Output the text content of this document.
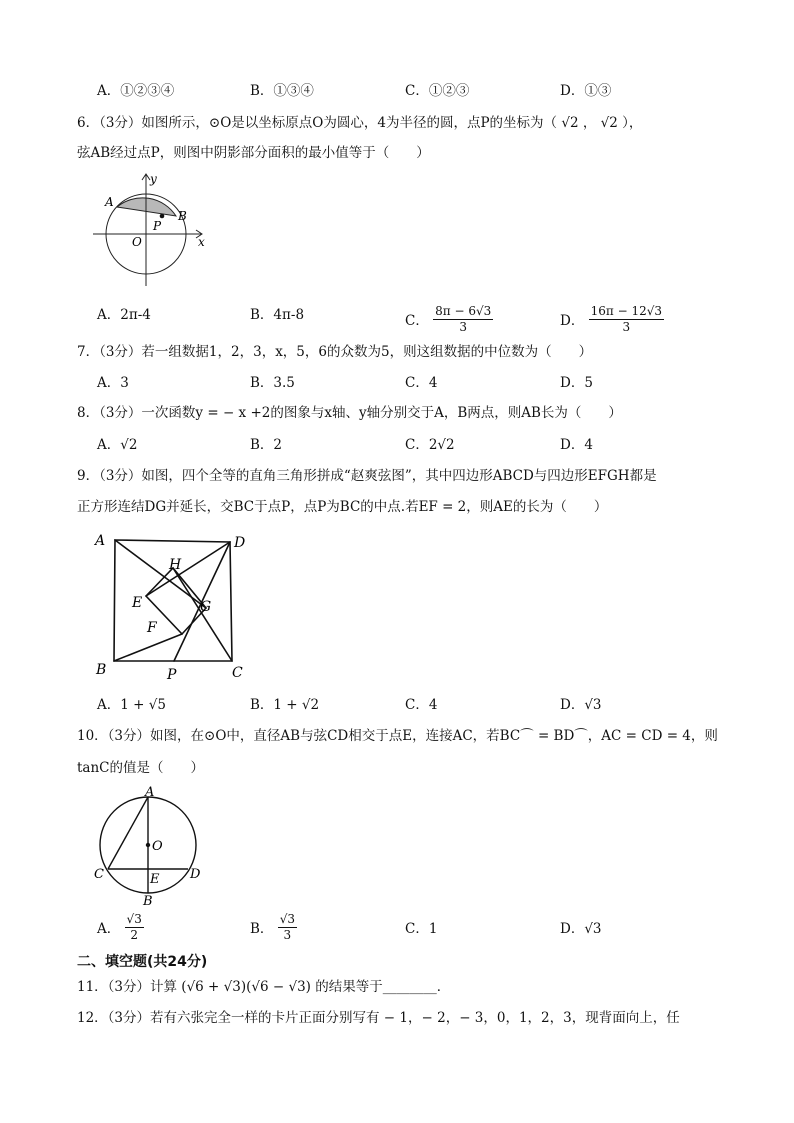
A．①②③④	B．①③④	C．①②③	D．①③
6．（3分）如图所示，⊙O是以坐标原点O为圆心，4为半径的圆，点P的坐标为（ √2 ， √2 ），
弦AB经过点P，则图中阴影部分面积的最小值等于（　　）
y
x
A
B
O
P
A．2π-4	B．4π-8	C． $\frac{8\pi - 6√3}{3}$	D． $\frac{16\pi - 12√3}{3}$
7．（3分）若一组数据1，2，3，x，5，6的众数为5，则这组数据的中位数为（　　）
A．3	B．3.5	C．4	D．5
8．（3分）一次函数y = − x +2的图象与x轴、y轴分别交于A，B两点，则AB长为（　　）
A．√2	B．2	C．2√2	D．4
9．（3分）如图，四个全等的直角三角形拼成“赵爽弦图”，其中四边形ABCD与四边形EFGH都是
正方形连结DG并延长，交BC于点P，点P为BC的中点.若EF = 2，则AE的长为（　　）
A	D
H
E	G
F
B	P	C
A．1 + √5	B．1 + √2	C．4	D．√3
10．（3分）如图，在⊙O中，直径AB与弦CD相交于点E，连接AC，若BC⌒ = BD⌒，AC = CD = 4，则
tanC的值是（　　）
A
O
C	E D
B
A． $\frac{√3}{2}$	B． $\frac{√3}{3}$	C．1	D．√3
二、填空题(共24分)
11．（3分）计算 (√6 + √3)(√6 − √3) 的结果等于________．
12．（3分）若有六张完全一样的卡片正面分别写有 − 1，− 2，− 3，0，1，2，3，现背面向上，任
